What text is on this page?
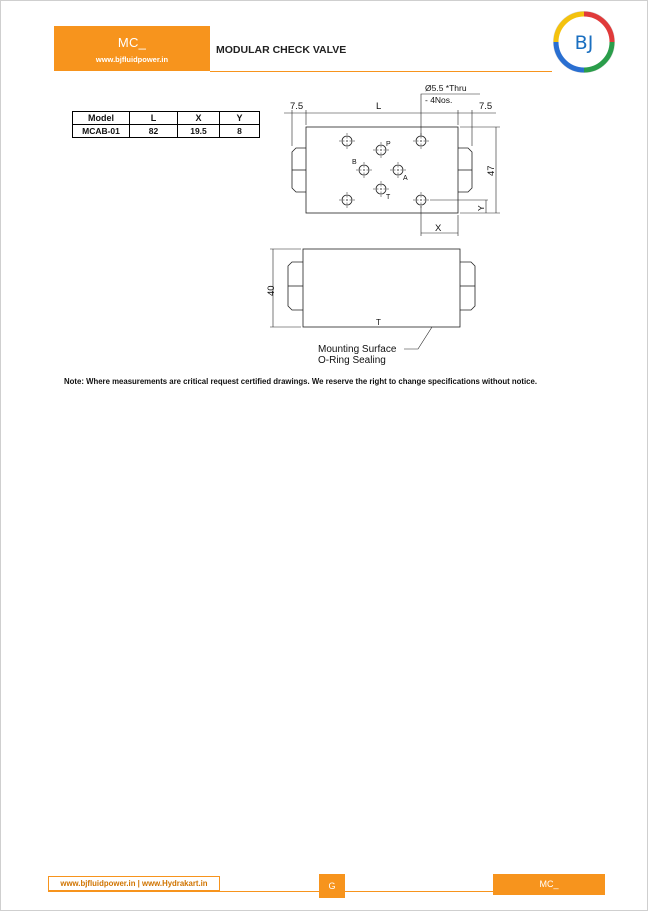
MC_
www.bjfluidpower.in
MODULAR CHECK VALVE	BJ
Model	L	X	Y
MCAB-01	82	19.5	8
7.5	L	7.5
Ø5.5 *Thru
- 4Nos.
47
Y
X
P
B
A
T
40
T
Mounting Surface
O-Ring Sealing
Note: Where measurements are critical request certified drawings. We reserve the right to change specifications without notice.
www.bjfluidpower.in | www.Hydrakart.in	G	MC_
